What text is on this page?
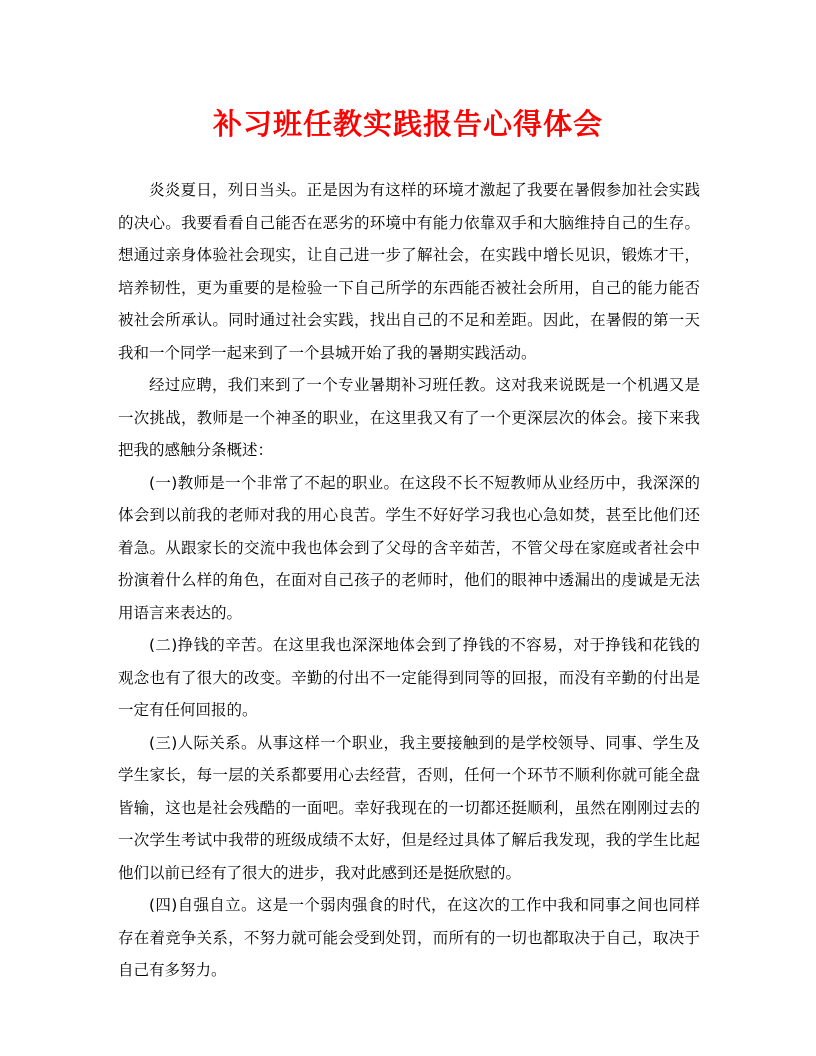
补习班任教实践报告心得体会

炎炎夏日，列日当头。正是因为有这样的环境才激起了我要在暑假参加社会实践的决心。我要看看自己能否在恶劣的环境中有能力依靠双手和大脑维持自己的生存。想通过亲身体验社会现实，让自己进一步了解社会，在实践中增长见识，锻炼才干，培养韧性，更为重要的是检验一下自己所学的东西能否被社会所用，自己的能力能否被社会所承认。同时通过社会实践，找出自己的不足和差距。因此，在暑假的第一天我和一个同学一起来到了一个县城开始了我的暑期实践活动。

经过应聘，我们来到了一个专业暑期补习班任教。这对我来说既是一个机遇又是一次挑战，教师是一个神圣的职业，在这里我又有了一个更深层次的体会。接下来我把我的感触分条概述：

(一)教师是一个非常了不起的职业。在这段不长不短教师从业经历中，我深深的体会到以前我的老师对我的用心良苦。学生不好好学习我也心急如焚，甚至比他们还着急。从跟家长的交流中我也体会到了父母的含辛茹苦，不管父母在家庭或者社会中扮演着什么样的角色，在面对自己孩子的老师时，他们的眼神中透漏出的虔诚是无法用语言来表达的。

(二)挣钱的辛苦。在这里我也深深地体会到了挣钱的不容易，对于挣钱和花钱的观念也有了很大的改变。辛勤的付出不一定能得到同等的回报，而没有辛勤的付出是一定有任何回报的。

(三)人际关系。从事这样一个职业，我主要接触到的是学校领导、同事、学生及学生家长，每一层的关系都要用心去经营，否则，任何一个环节不顺利你就可能全盘皆输，这也是社会残酷的一面吧。幸好我现在的一切都还挺顺利，虽然在刚刚过去的一次学生考试中我带的班级成绩不太好，但是经过具体了解后我发现，我的学生比起他们以前已经有了很大的进步，我对此感到还是挺欣慰的。

(四)自强自立。这是一个弱肉强食的时代，在这次的工作中我和同事之间也同样存在着竞争关系，不努力就可能会受到处罚，而所有的一切也都取决于自己，取决于自己有多努力。
